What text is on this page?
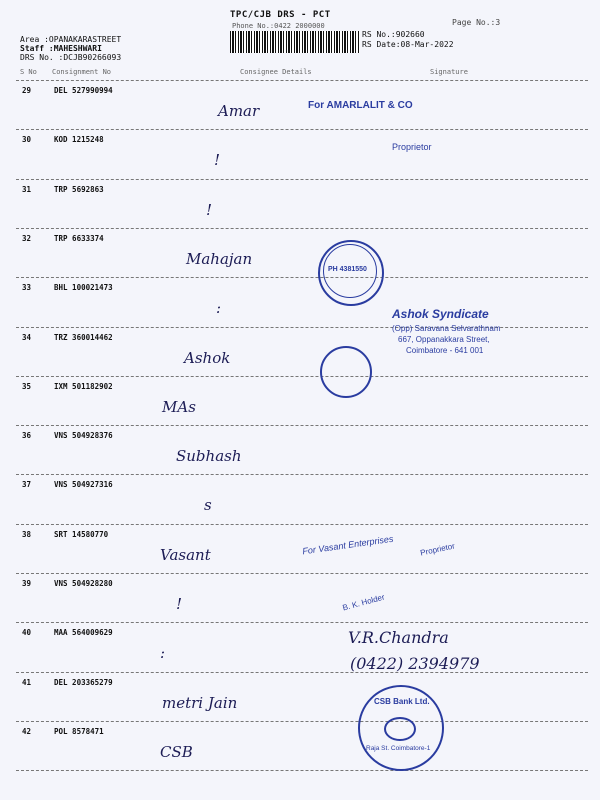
TPC/CJB DRS - PCT
Phone No.:0422 2000000	Page No.:3
RS No.:902660
RS Date:08-Mar-2022
Area :OPANAKARASTREET
Staff :MAHESHWARI
DRS No. :DCJB90266093
S No Consignment No	Consignee Details	Signature
29	DEL 527990994
Amar
30	KOD 1215248
!
31	TRP 5692863
!
32	TRP 6633374
Mahajan
33	BHL 100021473
:
34	TRZ 360014462
Ashok
35	IXM 501182902
MAs
36	VNS 504928376
Subhash
37	VNS 504927316
s
38	SRT 14580770
Vasant
39	VNS 504928280
!
40	MAA 564009629
:
41	DEL 203365279
metri Jain
42	POL 8578471
CSB
For AMARLALIT & CO
Proprietor
PH 4381550
Ashok Syndicate
(Opp) Saravana Selvarathnam
667, Oppanakkara Street,
Coimbatore - 641 001
For Vasant Enterprises	Proprietor
B. K. Holder
V.R.Chandra
(0422) 2394979
CSB Bank Ltd.
Raja St. Coimbatore-1
